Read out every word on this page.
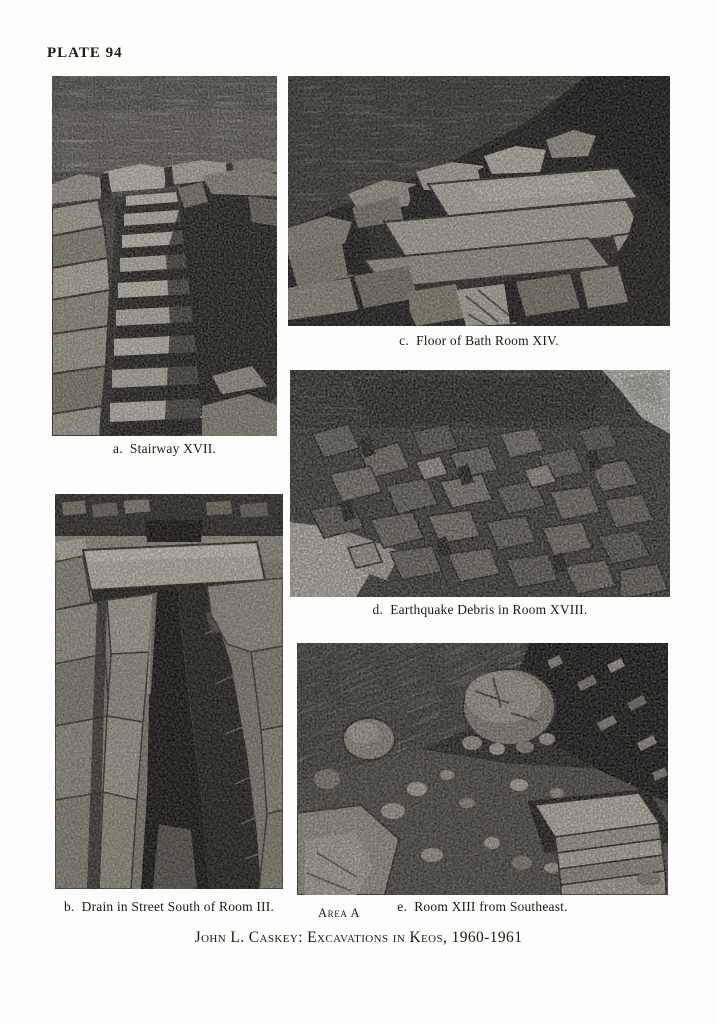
PLATE 94
a.  Stairway XVII.
c.  Floor of Bath Room XIV.
d.  Earthquake Debris in Room XVIII.
b.  Drain in Street South of Room III.	e.  Room XIII from Southeast.
Area A
John L. Caskey: Excavations in Keos, 1960-1961
